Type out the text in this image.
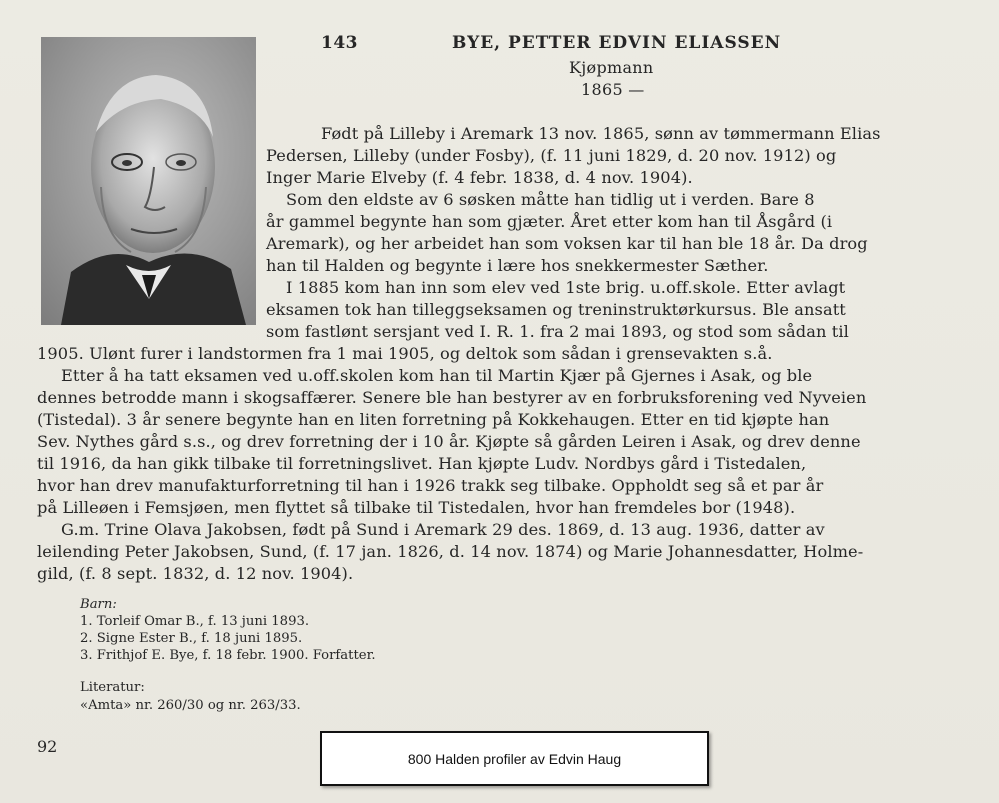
143	BYE, PETTER EDVIN ELIASSEN
Kjøpmann
1865 —
Født på Lilleby i Aremark 13 nov. 1865, sønn av tømmermann Elias
Pedersen, Lilleby (under Fosby), (f. 11 juni 1829, d. 20 nov. 1912) og
Inger Marie Elveby (f. 4 febr. 1838, d. 4 nov. 1904).
Som den eldste av 6 søsken måtte han tidlig ut i verden. Bare 8
år gammel begynte han som gjæter. Året etter kom han til Åsgård (i
Aremark), og her arbeidet han som voksen kar til han ble 18 år. Da drog
han til Halden og begynte i lære hos snekkermester Sæther.
I 1885 kom han inn som elev ved 1ste brig. u.off.skole. Etter avlagt
eksamen tok han tilleggseksamen og treninstruktørkursus. Ble ansatt
som fastlønt sersjant ved I. R. 1. fra 2 mai 1893, og stod som sådan til
1905. Ulønt furer i landstormen fra 1 mai 1905, og deltok som sådan i grensevakten s.å.
Etter å ha tatt eksamen ved u.off.skolen kom han til Martin Kjær på Gjernes i Asak, og ble
dennes betrodde mann i skogsaffærer. Senere ble han bestyrer av en forbruksforening ved Nyveien
(Tistedal). 3 år senere begynte han en liten forretning på Kokkehaugen. Etter en tid kjøpte han
Sev. Nythes gård s.s., og drev forretning der i 10 år. Kjøpte så gården Leiren i Asak, og drev denne
til 1916, da han gikk tilbake til forretningslivet. Han kjøpte Ludv. Nordbys gård i Tistedalen,
hvor han drev manufakturforretning til han i 1926 trakk seg tilbake. Oppholdt seg så et par år
på Lilleøen i Femsjøen, men flyttet så tilbake til Tistedalen, hvor han fremdeles bor (1948).
G.m. Trine Olava Jakobsen, født på Sund i Aremark 29 des. 1869, d. 13 aug. 1936, datter av
leilending Peter Jakobsen, Sund, (f. 17 jan. 1826, d. 14 nov. 1874) og Marie Johannesdatter, Holme-
gild, (f. 8 sept. 1832, d. 12 nov. 1904).
Barn:
1. Torleif Omar B., f. 13 juni 1893.
2. Signe Ester B., f. 18 juni 1895.
3. Frithjof E. Bye, f. 18 febr. 1900. Forfatter.
Literatur:
«Amta» nr. 260/30 og nr. 263/33.
92
800 Halden profiler av Edvin Haug
